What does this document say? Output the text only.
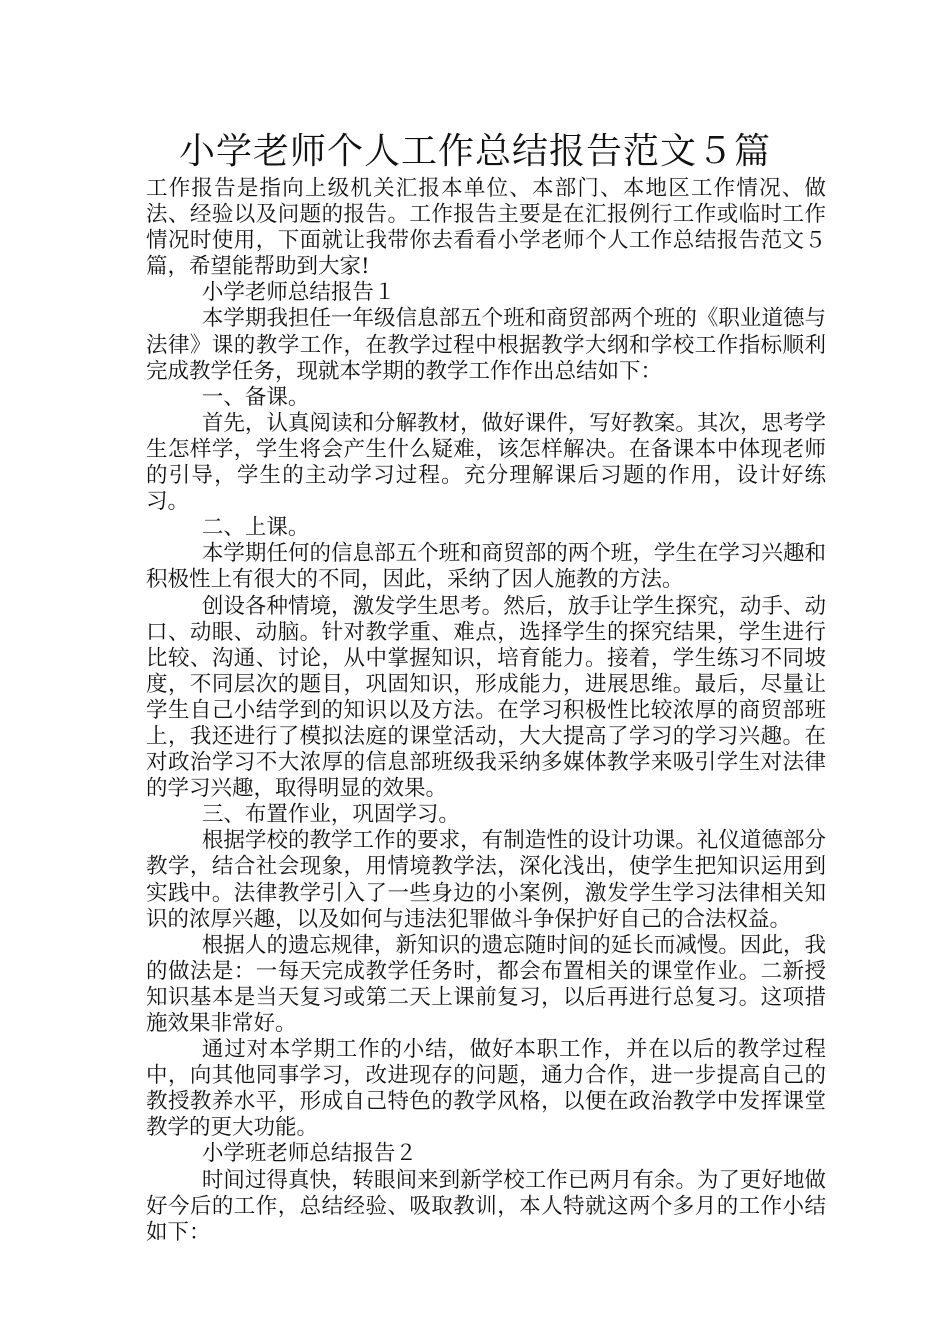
小学老师个人工作总结报告范文５篇

工作报告是指向上级机关汇报本单位、本部门、本地区工作情况、做法、经验以及问题的报告。工作报告主要是在汇报例行工作或临时工作情况时使用，下面就让我带你去看看小学老师个人工作总结报告范文５篇，希望能帮助到大家!

小学老师总结报告１

本学期我担任一年级信息部五个班和商贸部两个班的《职业道德与法律》课的教学工作，在教学过程中根据教学大纲和学校工作指标顺利完成教学任务，现就本学期的教学工作作出总结如下：

一、备课。

首先，认真阅读和分解教材，做好课件，写好教案。其次，思考学生怎样学，学生将会产生什么疑难，该怎样解决。在备课本中体现老师的引导，学生的主动学习过程。充分理解课后习题的作用，设计好练习。

二、上课。

本学期任何的信息部五个班和商贸部的两个班，学生在学习兴趣和积极性上有很大的不同，因此，采纳了因人施教的方法。

创设各种情境，激发学生思考。然后，放手让学生探究，动手、动口、动眼、动脑。针对教学重、难点，选择学生的探究结果，学生进行比较、沟通、讨论，从中掌握知识，培育能力。接着，学生练习不同坡度，不同层次的题目，巩固知识，形成能力，进展思维。最后，尽量让学生自己小结学到的知识以及方法。在学习积极性比较浓厚的商贸部班上，我还进行了模拟法庭的课堂活动，大大提高了学习的学习兴趣。在对政治学习不大浓厚的信息部班级我采纳多媒体教学来吸引学生对法律的学习兴趣，取得明显的效果。

三、布置作业，巩固学习。

根据学校的教学工作的要求，有制造性的设计功课。礼仪道德部分教学，结合社会现象，用情境教学法，深化浅出，使学生把知识运用到实践中。法律教学引入了一些身边的小案例，激发学生学习法律相关知识的浓厚兴趣，以及如何与违法犯罪做斗争保护好自己的合法权益。

根据人的遗忘规律，新知识的遗忘随时间的延长而减慢。因此，我的做法是：一每天完成教学任务时，都会布置相关的课堂作业。二新授知识基本是当天复习或第二天上课前复习，以后再进行总复习。这项措施效果非常好。

通过对本学期工作的小结，做好本职工作，并在以后的教学过程中，向其他同事学习，改进现存的问题，通力合作，进一步提高自己的教授教养水平，形成自己特色的教学风格，以便在政治教学中发挥课堂教学的更大功能。

小学班老师总结报告２

时间过得真快，转眼间来到新学校工作已两月有余。为了更好地做好今后的工作，总结经验、吸取教训，本人特就这两个多月的工作小结如下：
